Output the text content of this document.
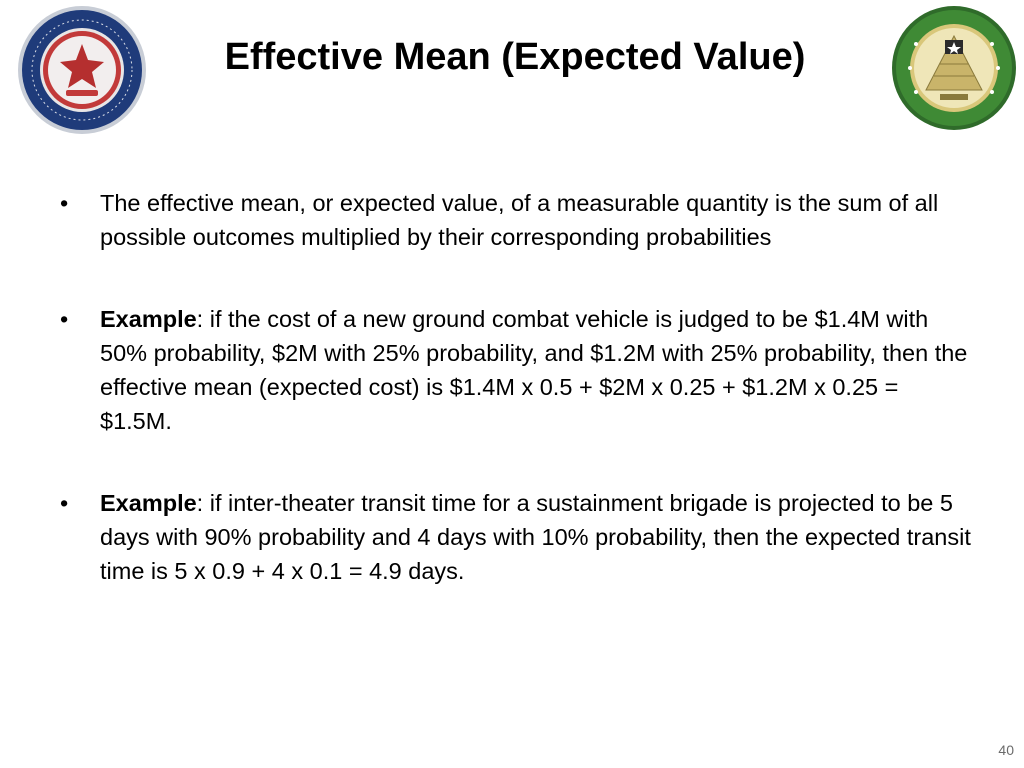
Effective Mean (Expected Value)
• The effective mean, or expected value, of a measurable quantity is the sum of all possible outcomes multiplied by their corresponding probabilities
• Example: if the cost of a new ground combat vehicle is judged to be $1.4M with 50% probability, $2M with 25% probability, and $1.2M with 25% probability, then the effective mean (expected cost) is $1.4M x 0.5 + $2M x 0.25 + $1.2M x 0.25 = $1.5M.
• Example: if inter-theater transit time for a sustainment brigade is projected to be 5 days with 90% probability and 4 days with 10% probability, then the expected transit time is 5 x 0.9 + 4 x 0.1 = 4.9 days.
40
